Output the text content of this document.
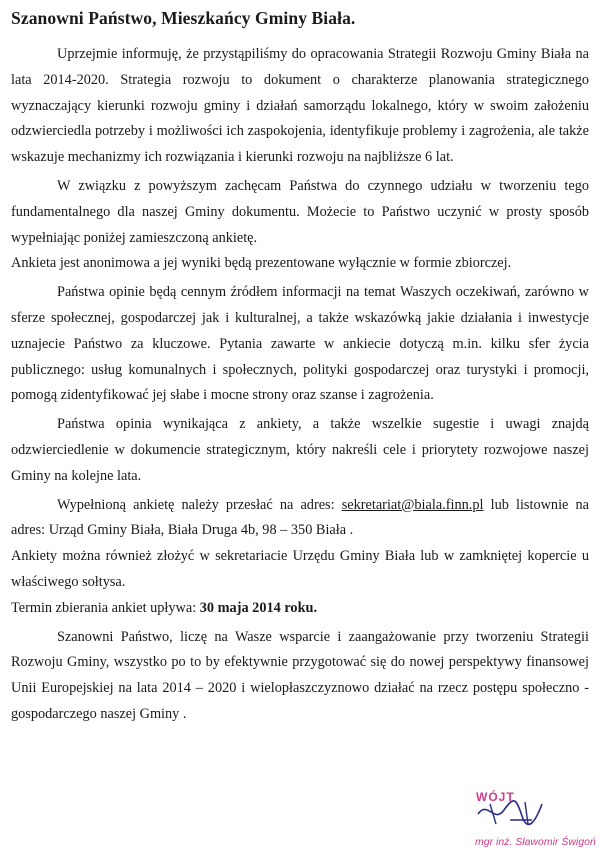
Szanowni Państwo, Mieszkańcy Gminy Biała.

Uprzejmie informuję, że przystąpiliśmy do opracowania Strategii Rozwoju Gminy Biała na lata 2014-2020. Strategia rozwoju to dokument o charakterze planowania strategicznego wyznaczający kierunki rozwoju gminy i działań samorządu lokalnego, który w swoim założeniu odzwierciedla potrzeby i możliwości ich zaspokojenia, identyfikuje problemy i zagrożenia, ale także wskazuje mechanizmy ich rozwiązania i kierunki rozwoju na najbliższe 6 lat.

W związku z powyższym zachęcam Państwa do czynnego udziału w tworzeniu tego fundamentalnego dla naszej Gminy dokumentu. Możecie to Państwo uczynić w prosty sposób wypełniając poniżej zamieszczoną ankietę.

Ankieta jest anonimowa a jej wyniki będą prezentowane wyłącznie w formie zbiorczej.

Państwa opinie będą cennym źródłem informacji na temat Waszych oczekiwań, zarówno w sferze społecznej, gospodarczej jak i kulturalnej, a także wskazówką jakie działania i inwestycje uznajecie Państwo za kluczowe. Pytania zawarte w ankiecie dotyczą m.in. kilku sfer życia publicznego: usług komunalnych i społecznych, polityki gospodarczej oraz turystyki i promocji, pomogą zidentyfikować jej słabe i mocne strony oraz szanse i zagrożenia.

Państwa opinia wynikająca z ankiety, a także wszelkie sugestie i uwagi znajdą odzwierciedlenie w dokumencie strategicznym, który nakreśli cele i priorytety rozwojowe naszej Gminy na kolejne lata.

Wypełnioną ankietę należy przesłać na adres: sekretariat@biala.finn.pl lub listownie na adres: Urząd Gminy Biała, Biała Druga 4b, 98 – 350 Biała .

Ankiety można również złożyć w sekretariacie Urzędu Gminy Biała lub w zamkniętej kopercie u właściwego sołtysa.

Termin zbierania ankiet upływa: 30 maja 2014 roku.

Szanowni Państwo, liczę na Wasze wsparcie i zaangażowanie przy tworzeniu Strategii Rozwoju Gminy, wszystko po to by efektywnie przygotować się do nowej perspektywy finansowej Unii Europejskiej na lata 2014 – 2020 i wielopłaszczyznowo działać na rzecz postępu społeczno - gospodarczego naszej Gminy .

WÓJT
mgr inż. Sławomir Świgoń
